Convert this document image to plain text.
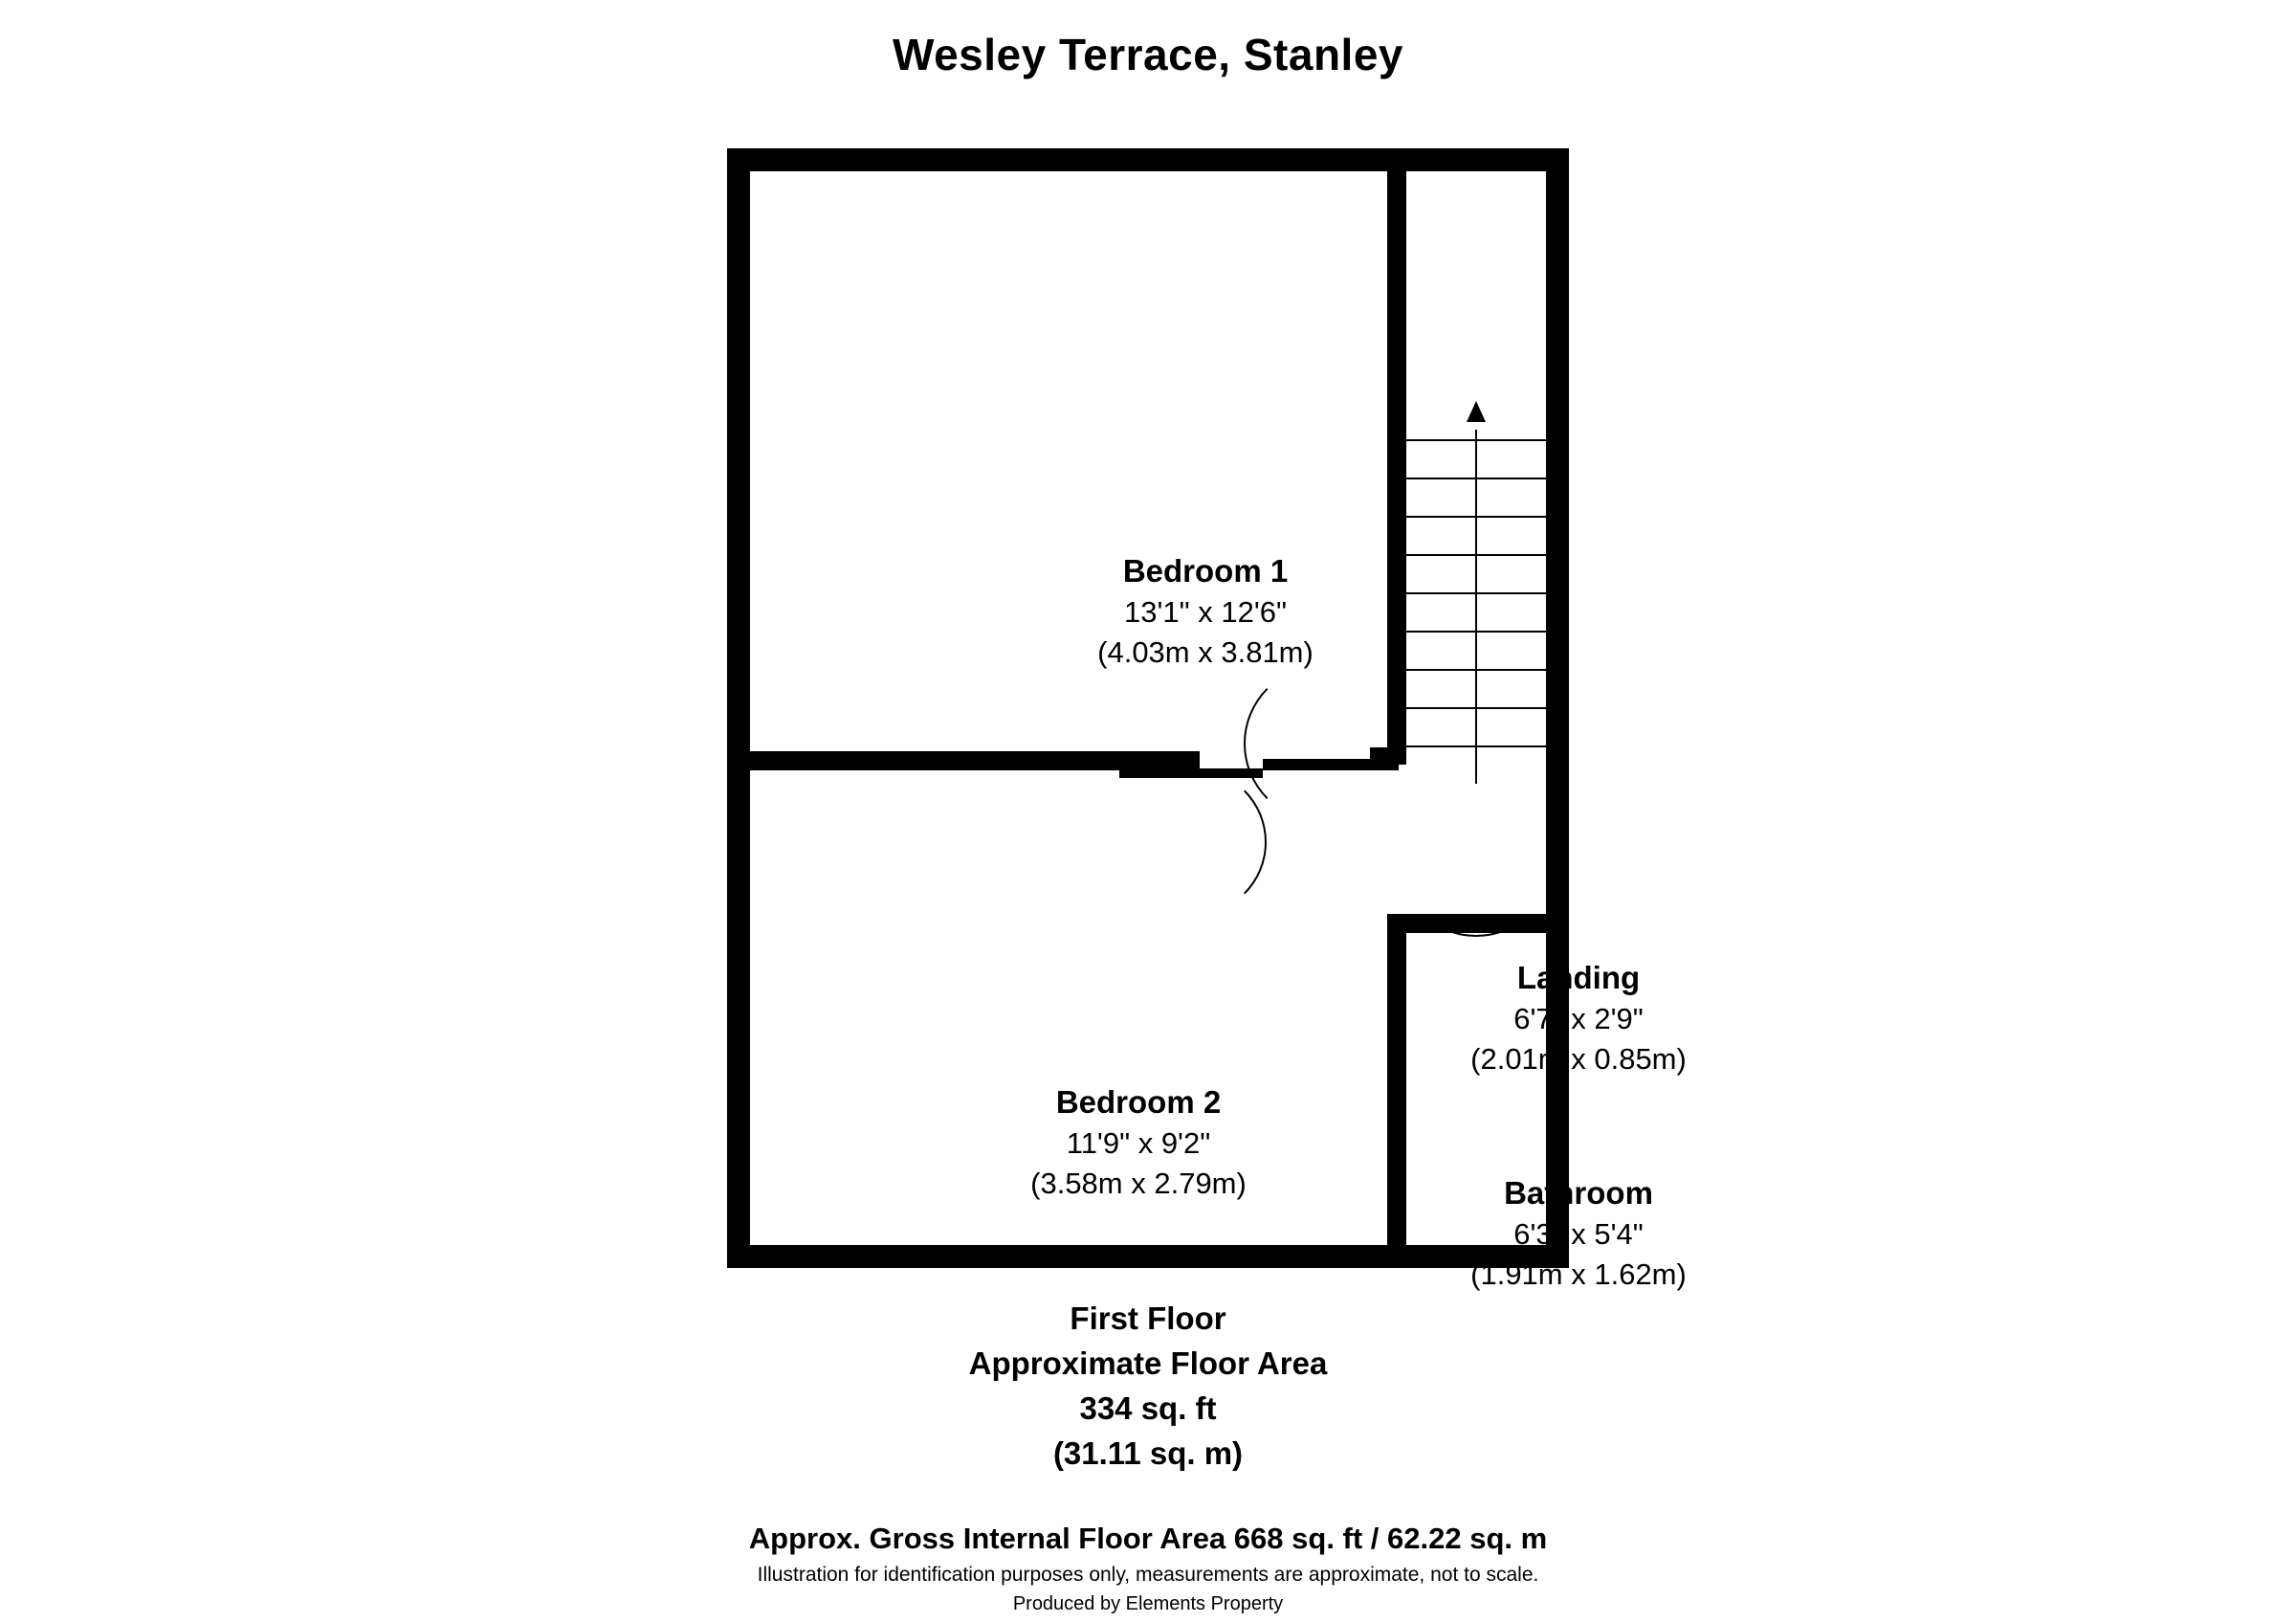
Wesley Terrace, Stanley
Bedroom 1
13'1" x 12'6"
(4.03m x 3.81m)
Bedroom 2
11'9" x 9'2"
(3.58m x 2.79m)
Landing
6'7" x 2'9"
(2.01m x 0.85m)
Bathroom
6'3" x 5'4"
(1.91m x 1.62m)
First Floor
Approximate Floor Area
334 sq. ft
(31.11 sq. m)
Approx. Gross Internal Floor Area 668 sq. ft / 62.22 sq. m
Illustration for identification purposes only, measurements are approximate, not to scale.
Produced by Elements Property
